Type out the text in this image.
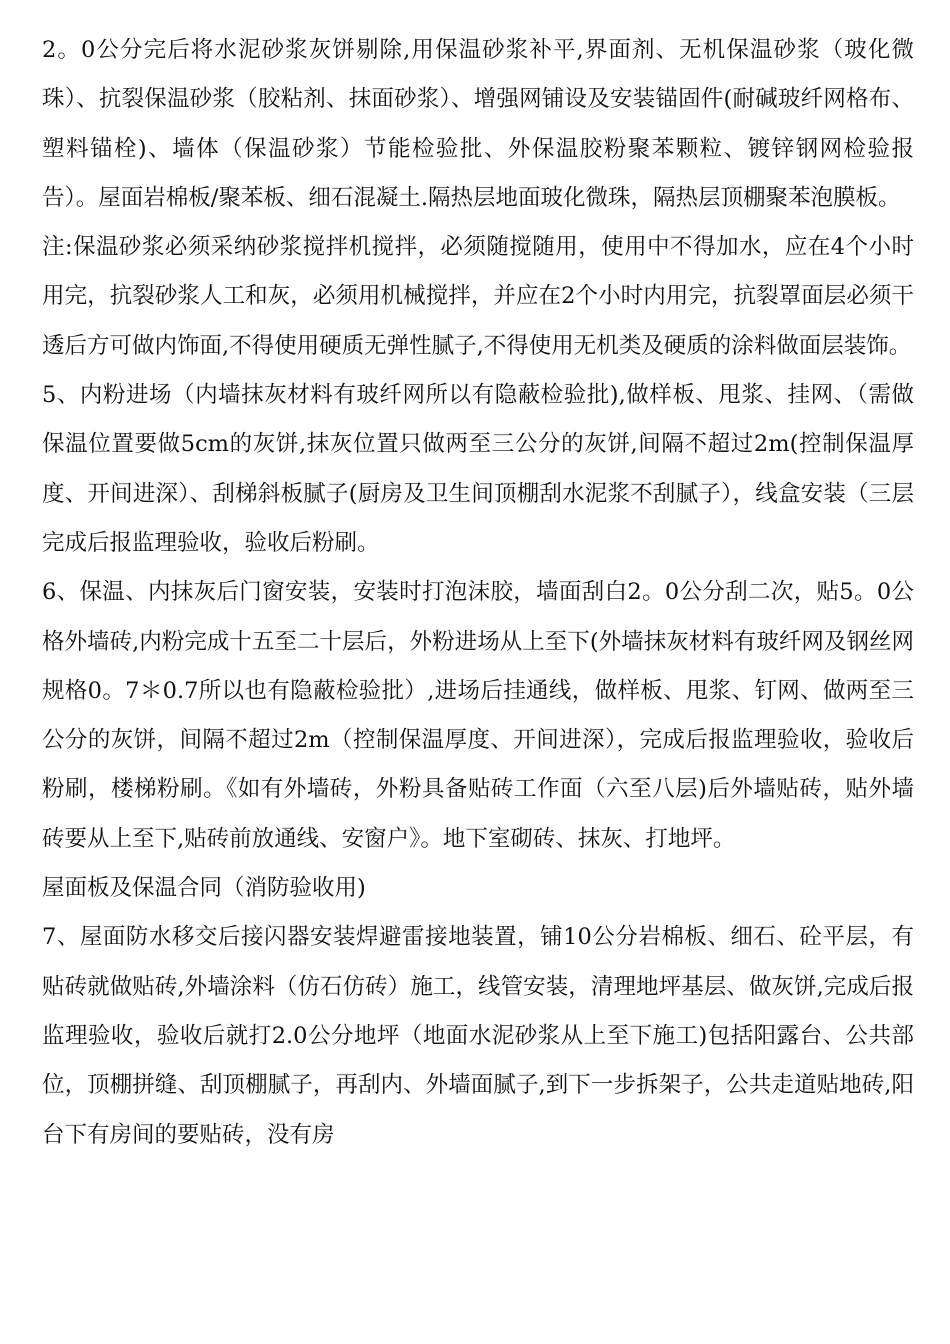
2。0公分完后将水泥砂浆灰饼剔除,用保温砂浆补平,界面剂、无机保温砂浆（玻化微珠）、抗裂保温砂浆（胶粘剂、抹面砂浆）、增强网铺设及安装锚固件(耐碱玻纤网格布、塑料锚栓)、墙体（保温砂浆）节能检验批、外保温胶粉聚苯颗粒、镀锌钢网检验报告）。屋面岩棉板/聚苯板、细石混凝土.隔热层地面玻化微珠，隔热层顶棚聚苯泡膜板。

注:保温砂浆必须采纳砂浆搅拌机搅拌，必须随搅随用，使用中不得加水，应在4个小时用完，抗裂砂浆人工和灰，必须用机械搅拌，并应在2个小时内用完，抗裂罩面层必须干透后方可做内饰面,不得使用硬质无弹性腻子,不得使用无机类及硬质的涂料做面层装饰。

5、内粉进场（内墙抹灰材料有玻纤网所以有隐蔽检验批),做样板、甩浆、挂网、（需做保温位置要做5cm的灰饼,抹灰位置只做两至三公分的灰饼,间隔不超过2m(控制保温厚度、开间进深）、刮梯斜板腻子(厨房及卫生间顶棚刮水泥浆不刮腻子），线盒安装（三层完成后报监理验收，验收后粉刷。

6、保温、内抹灰后门窗安装，安装时打泡沫胶，墙面刮白2。0公分刮二次，贴5。0公格外墙砖,内粉完成十五至二十层后，外粉进场从上至下(外墙抹灰材料有玻纤网及钢丝网规格0。7＊0.7所以也有隐蔽检验批）,进场后挂通线，做样板、甩浆、钉网、做两至三公分的灰饼，间隔不超过2m（控制保温厚度、开间进深），完成后报监理验收，验收后粉刷，楼梯粉刷。《如有外墙砖，外粉具备贴砖工作面（六至八层)后外墙贴砖，贴外墙砖要从上至下,贴砖前放通线、安窗户》。地下室砌砖、抹灰、打地坪。

屋面板及保温合同（消防验收用)

7、屋面防水移交后接闪器安装焊避雷接地装置，铺10公分岩棉板、细石、砼平层，有贴砖就做贴砖,外墙涂料（仿石仿砖）施工，线管安装，清理地坪基层、做灰饼,完成后报监理验收，验收后就打2.0公分地坪（地面水泥砂浆从上至下施工)包括阳露台、公共部位，顶棚拼缝、刮顶棚腻子，再刮内、外墙面腻子,到下一步拆架子，公共走道贴地砖,阳台下有房间的要贴砖，没有房
